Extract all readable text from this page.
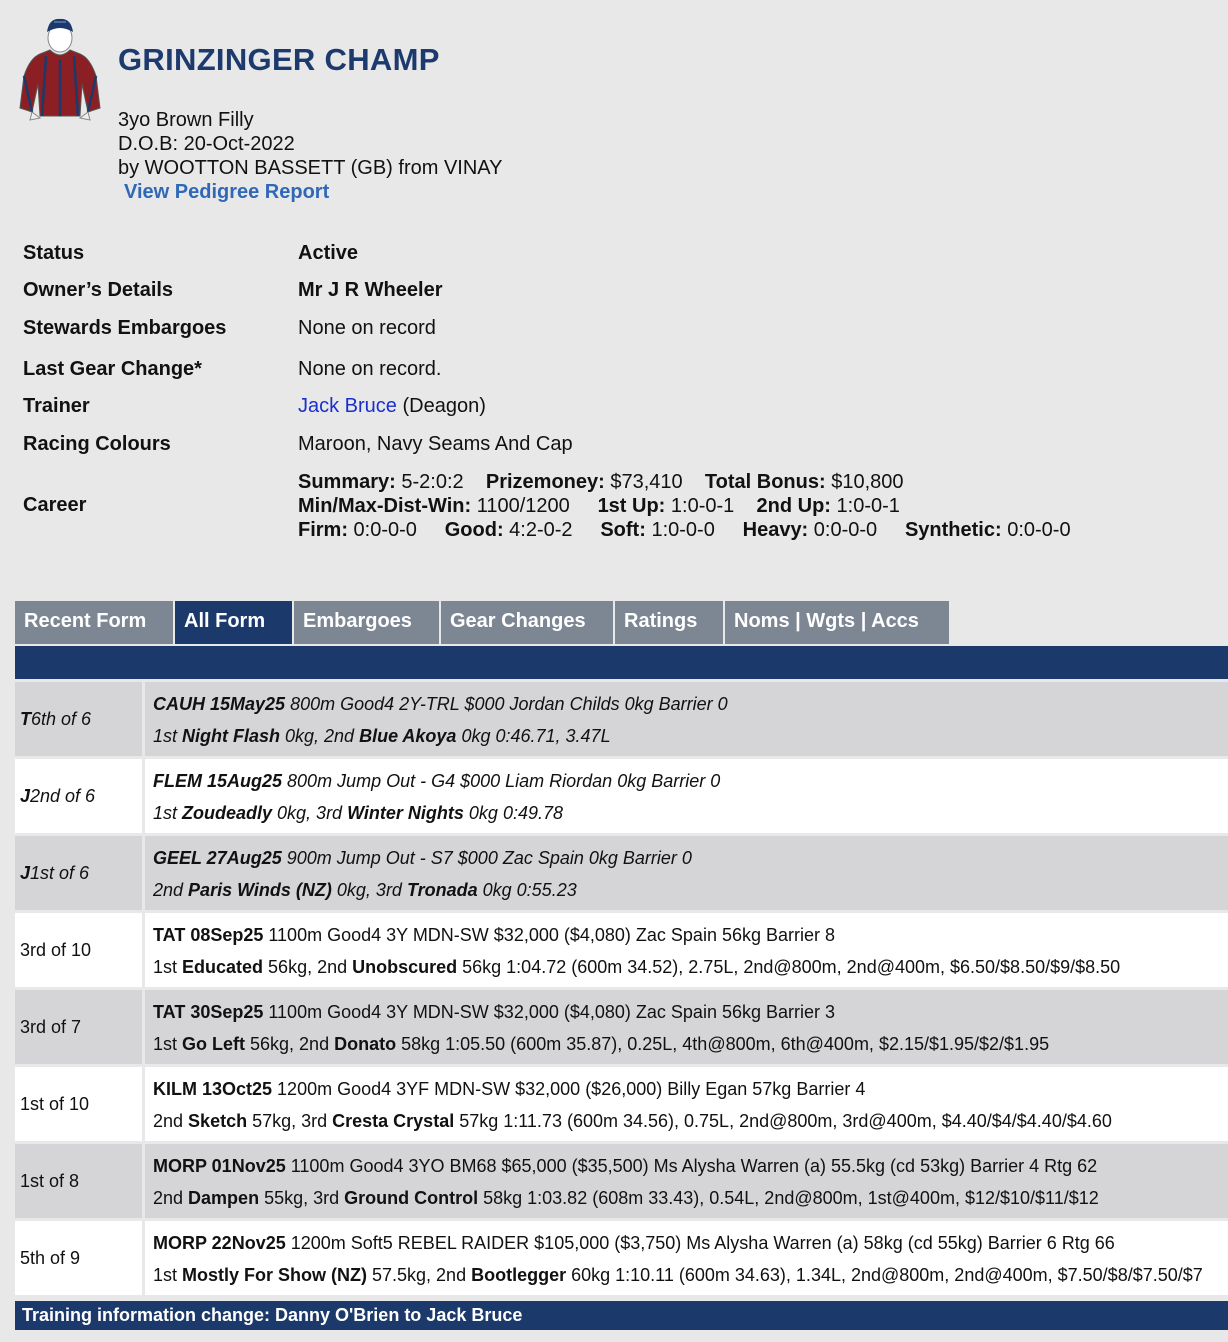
GRINZINGER CHAMP
3yo Brown Filly
D.O.B: 20-Oct-2022
by WOOTTON BASSETT (GB) from VINAY
View Pedigree Report
Status	Active
Owner’s Details	Mr J R Wheeler
Stewards Embargoes	None on record
Last Gear Change*	None on record.
Trainer	Jack Bruce (Deagon)
Racing Colours	Maroon, Navy Seams And Cap
Career
Summary: 5-2:0:2 Prizemoney: $73,410 Total Bonus: $10,800
Min/Max-Dist-Win: 1100/1200 1st Up: 1:0-0-1 2nd Up: 1:0-0-1
Firm: 0:0-0-0 Good: 4:2-0-2 Soft: 1:0-0-0 Heavy: 0:0-0-0 Synthetic: 0:0-0-0
Recent Form	All Form	Embargoes	Gear Changes	Ratings	Noms | Wgts | Accs
T 6th of 6
CAUH 15May25 800m Good4 2Y-TRL $000 Jordan Childs 0kg Barrier 0
1st Night Flash 0kg, 2nd Blue Akoya 0kg 0:46.71, 3.47L
J 2nd of 6
FLEM 15Aug25 800m Jump Out - G4 $000 Liam Riordan 0kg Barrier 0
1st Zoudeadly 0kg, 3rd Winter Nights 0kg 0:49.78
J 1st of 6
GEEL 27Aug25 900m Jump Out - S7 $000 Zac Spain 0kg Barrier 0
2nd Paris Winds (NZ) 0kg, 3rd Tronada 0kg 0:55.23
3rd of 10
TAT 08Sep25 1100m Good4 3Y MDN-SW $32,000 ($4,080) Zac Spain 56kg Barrier 8
1st Educated 56kg, 2nd Unobscured 56kg 1:04.72 (600m 34.52), 2.75L, 2nd@800m, 2nd@400m, $6.50/$8.50/$9/$8.50
3rd of 7
TAT 30Sep25 1100m Good4 3Y MDN-SW $32,000 ($4,080) Zac Spain 56kg Barrier 3
1st Go Left 56kg, 2nd Donato 58kg 1:05.50 (600m 35.87), 0.25L, 4th@800m, 6th@400m, $2.15/$1.95/$2/$1.95
1st of 10
KILM 13Oct25 1200m Good4 3YF MDN-SW $32,000 ($26,000) Billy Egan 57kg Barrier 4
2nd Sketch 57kg, 3rd Cresta Crystal 57kg 1:11.73 (600m 34.56), 0.75L, 2nd@800m, 3rd@400m, $4.40/$4/$4.40/$4.60
1st of 8
MORP 01Nov25 1100m Good4 3YO BM68 $65,000 ($35,500) Ms Alysha Warren (a) 55.5kg (cd 53kg) Barrier 4 Rtg 62
2nd Dampen 55kg, 3rd Ground Control 58kg 1:03.82 (608m 33.43), 0.54L, 2nd@800m, 1st@400m, $12/$10/$11/$12
5th of 9
MORP 22Nov25 1200m Soft5 REBEL RAIDER $105,000 ($3,750) Ms Alysha Warren (a) 58kg (cd 55kg) Barrier 6 Rtg 66
1st Mostly For Show (NZ) 57.5kg, 2nd Bootlegger 60kg 1:10.11 (600m 34.63), 1.34L, 2nd@800m, 2nd@400m, $7.50/$8/$7.50/$7
Training information change: Danny O'Brien to Jack Bruce
